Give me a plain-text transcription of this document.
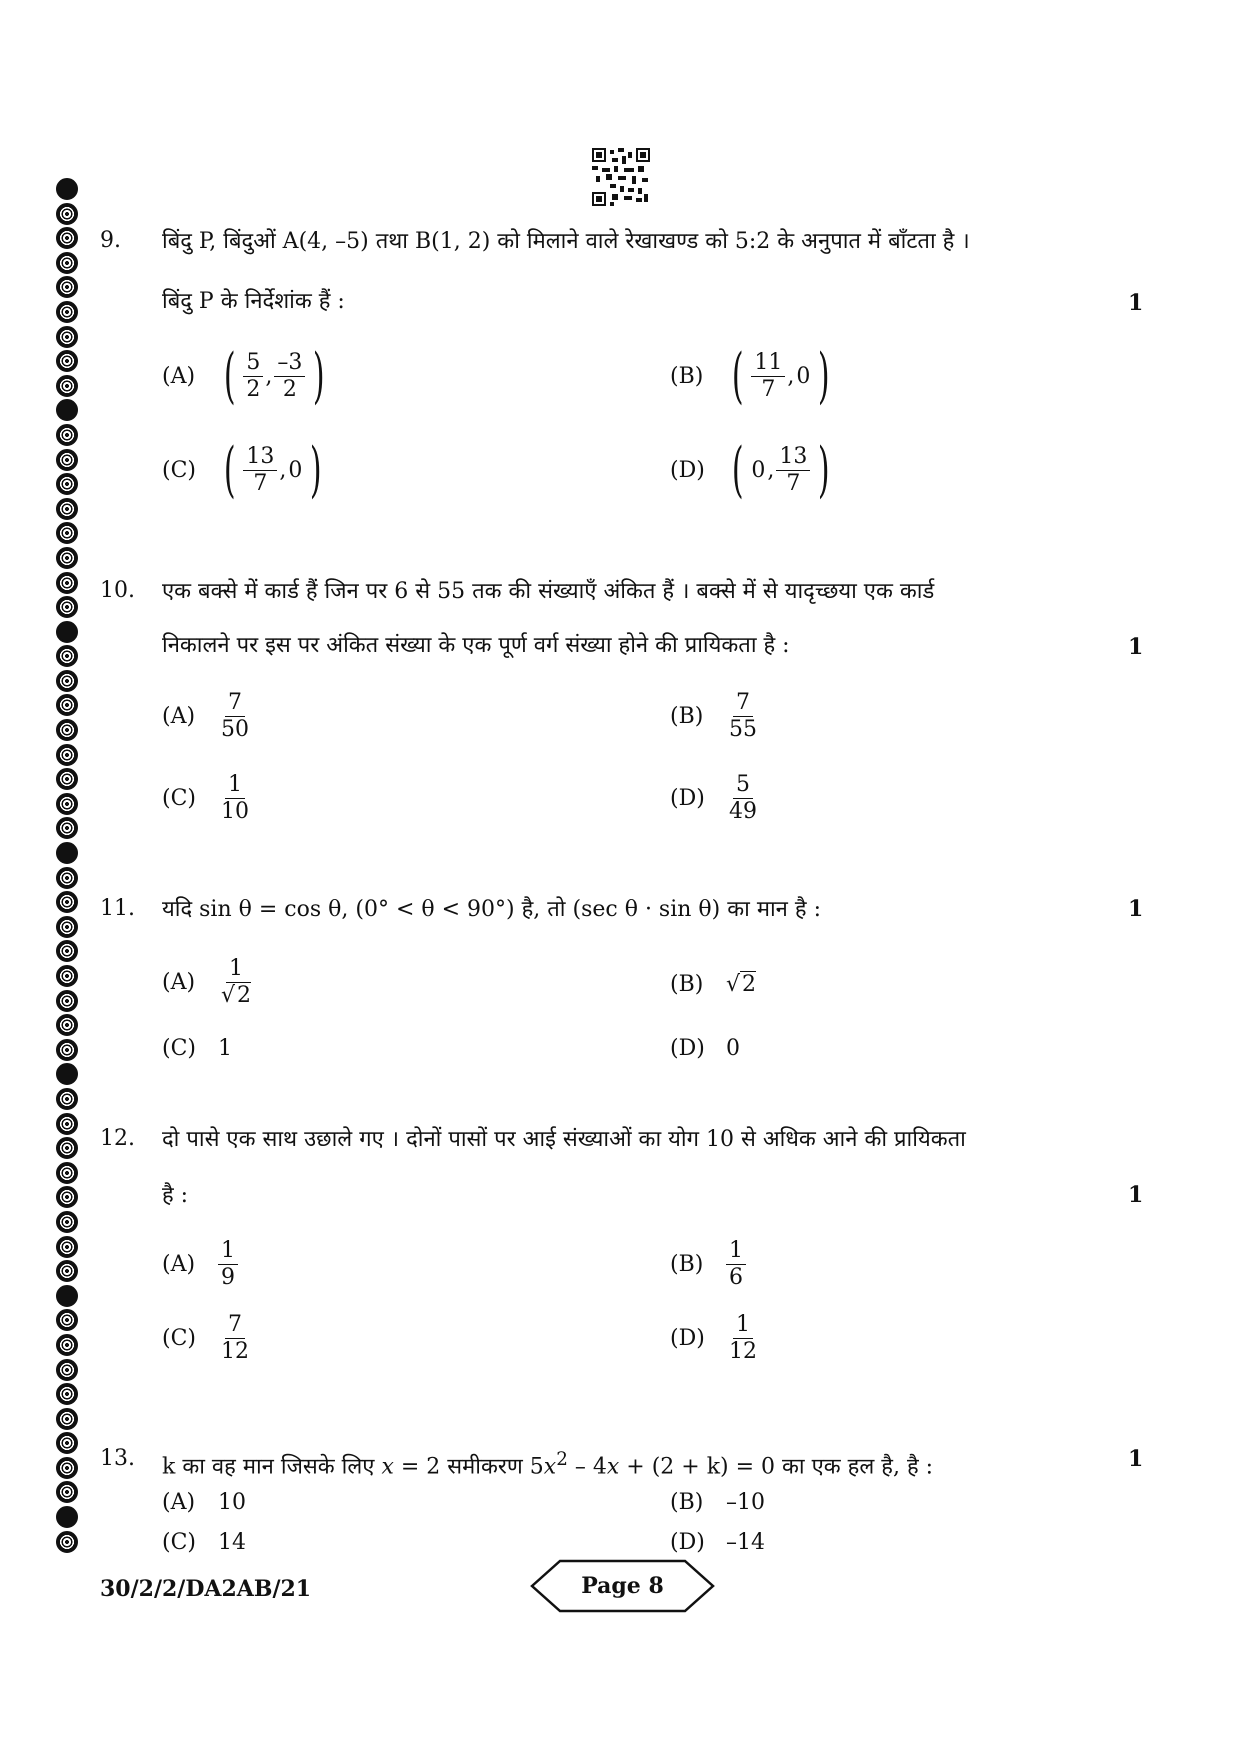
9. बिंदु P, बिंदुओं A(4, –5) तथा B(1, 2) को मिलाने वाले रेखाखण्ड को 5:2 के अनुपात में बाँटता है ।
बिंदु P के निर्देशांक हैं :	1
(A) ( $\frac{5}{2}$ , $\frac{-3}{2}$ )	(B) ( $\frac{11}{7}$ , 0 )
(C) ( $\frac{13}{7}$ , 0 )	(D) ( 0 , $\frac{13}{7}$ )
10. एक बक्से में कार्ड हैं जिन पर 6 से 55 तक की संख्याएँ अंकित हैं । बक्से में से यादृच्छया एक कार्ड
निकालने पर इस पर अंकित संख्या के एक पूर्ण वर्ग संख्या होने की प्रायिकता है :	1
$(A) \frac{7}{50}$	$(B) \frac{7}{55}$
$(C) \frac{1}{10}$	$(D) \frac{5}{49}$
11. यदि sin θ = cos θ, (0° < θ < 90°) है, तो (sec θ · sin θ) का मान है :	1
$(A) \frac{1}{√2}$	(B) √2
(C) 1	(D) 0
12. दो पासे एक साथ उछाले गए । दोनों पासों पर आई संख्याओं का योग 10 से अधिक आने की प्रायिकता
है :	1
$(A) \frac{1}{9}$	$(B) \frac{1}{6}$
$(C) \frac{7}{12}$	$(D) \frac{1}{12}$
13. k का वह मान जिसके लिए x = 2 समीकरण $5x^2 - 4x + (2 + k) = 0$ का एक हल है, है :	1
(A) 10	(B) –10
(C) 14	(D) –14
30/2/2/DA2AB/21	Page 8
